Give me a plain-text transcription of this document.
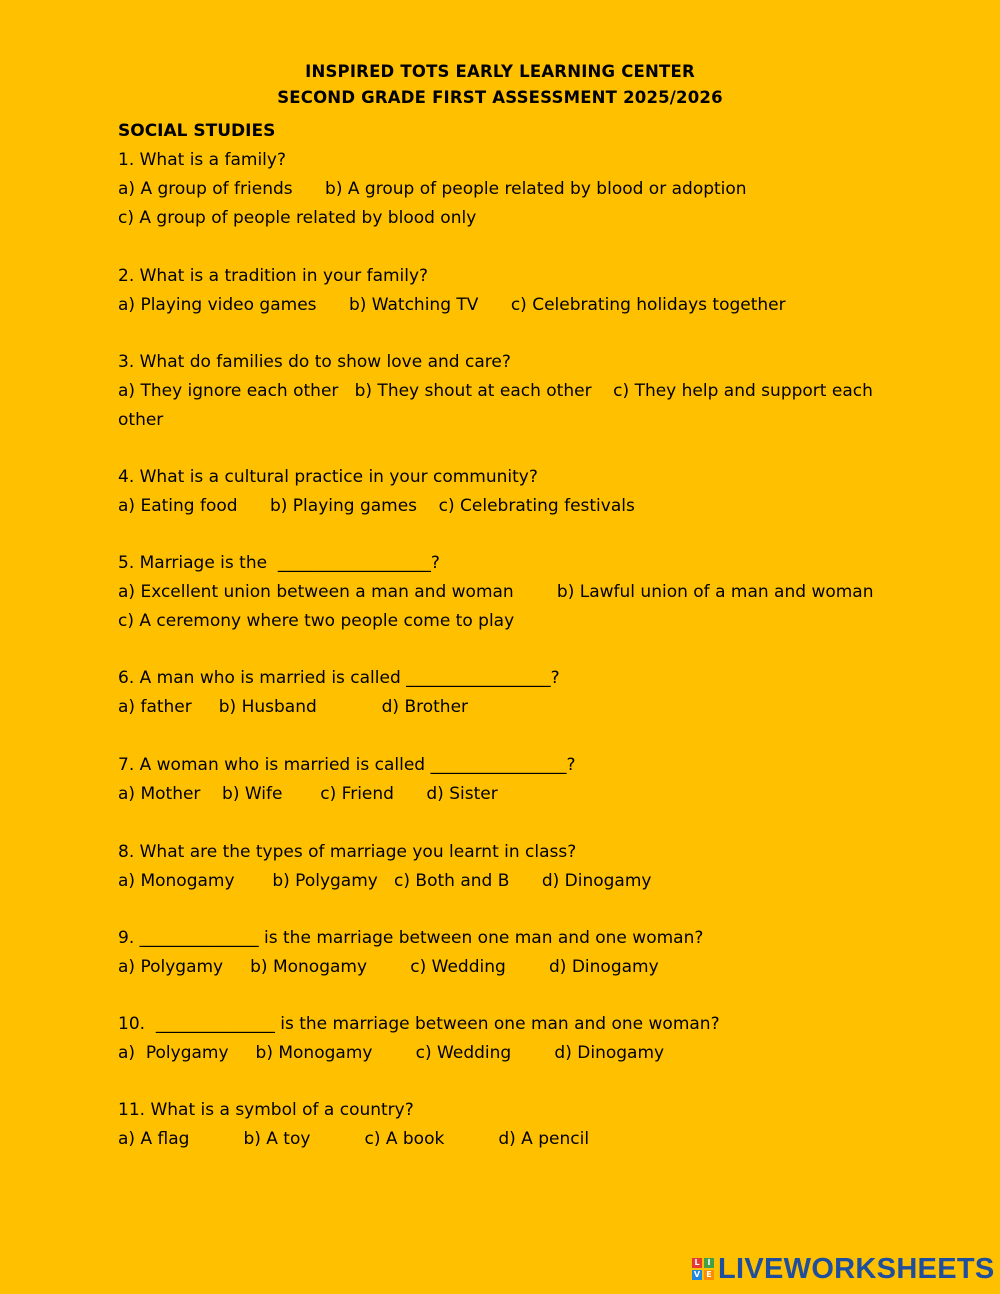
INSPIRED TOTS EARLY LEARNING CENTER
SECOND GRADE FIRST ASSESSMENT 2025/2026
SOCIAL STUDIES
1. What is a family?
a) A group of friends      b) A group of people related by blood or adoption
c) A group of people related by blood only
2. What is a tradition in your family?
a) Playing video games      b) Watching TV      c) Celebrating holidays together
3. What do families do to show love and care?
a) They ignore each other   b) They shout at each other    c) They help and support each
other
4. What is a cultural practice in your community?
a) Eating food      b) Playing games    c) Celebrating festivals
5. Marriage is the  __________________?
a) Excellent union between a man and woman        b) Lawful union of a man and woman
c) A ceremony where two people come to play
6. A man who is married is called _________________?
a) father     b) Husband            d) Brother
7. A woman who is married is called ________________?
a) Mother    b) Wife       c) Friend      d) Sister
8. What are the types of marriage you learnt in class?
a) Monogamy       b) Polygamy   c) Both and B      d) Dinogamy
9. ______________ is the marriage between one man and one woman?
a) Polygamy     b) Monogamy        c) Wedding        d) Dinogamy
10.  ______________ is the marriage between one man and one woman?
a)  Polygamy     b) Monogamy        c) Wedding        d) Dinogamy
11. What is a symbol of a country?
a) A flag          b) A toy          c) A book          d) A pencil
L I
V E LIVEWORKSHEETS
